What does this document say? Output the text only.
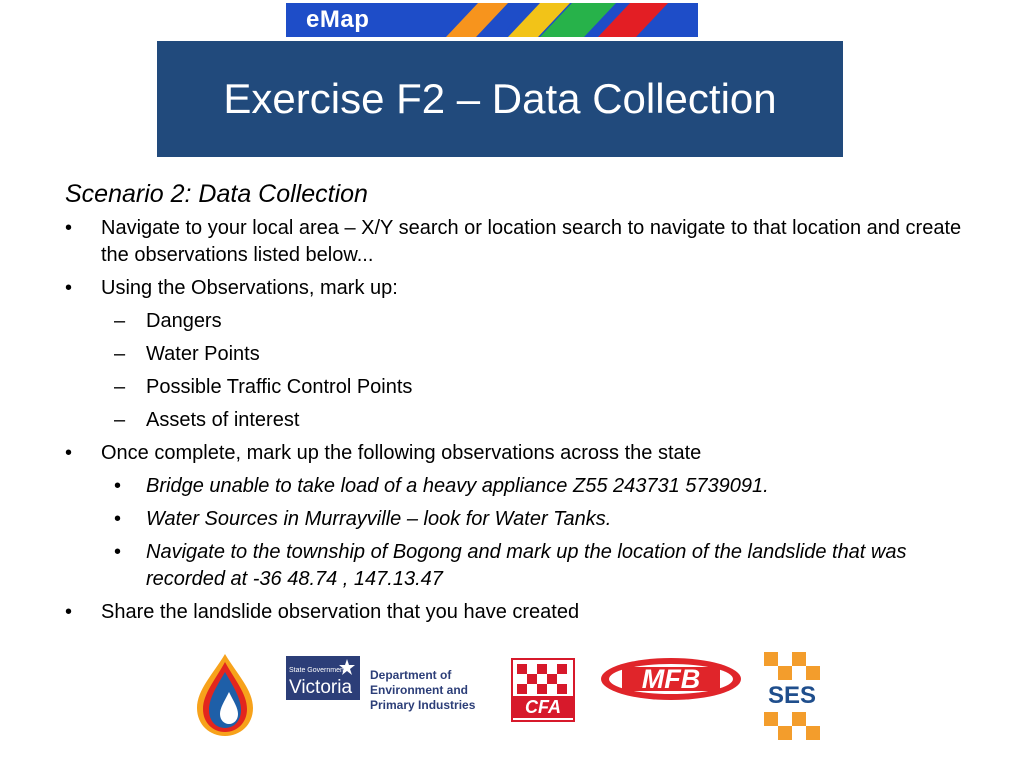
eMap
Exercise F2 – Data Collection
Scenario 2: Data Collection
• Navigate to your local area – X/Y search or location search to navigate to that location and create the observations listed below...
• Using the Observations, mark up:
– Dangers
– Water Points
– Possible Traffic Control Points
– Assets of interest
• Once complete, mark up the following observations across the state
• Bridge unable to take load of a heavy appliance Z55 243731 5739091.
• Water Sources in Murrayville – look for Water Tanks.
• Navigate to the township of Bogong and mark up the location of the landslide that was recorded at -36 48.74 , 147.13.47
• Share the landslide observation that you have created
State Government
Victoria
Department of
Environment and
Primary Industries	CFA
MFB
SES
